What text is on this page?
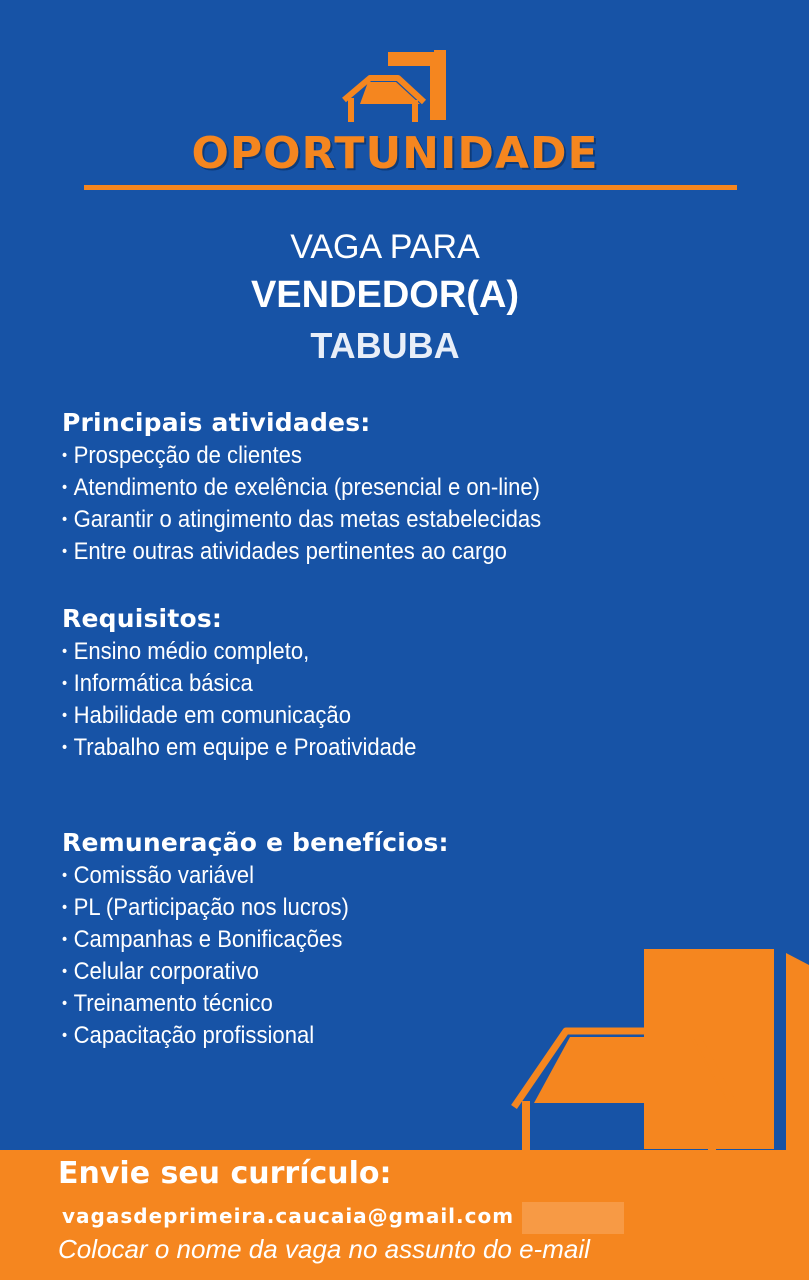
OPORTUNIDADE
VAGA PARA
VENDEDOR(A)
TABUBA
Principais atividades:
• Prospecção de clientes
• Atendimento de exelência (presencial e on-line)
• Garantir o atingimento das metas estabelecidas
• Entre outras atividades pertinentes ao cargo
Requisitos:
• Ensino médio completo,
• Informática básica
• Habilidade em comunicação
• Trabalho em equipe e Proatividade
Remuneração e benefícios:
• Comissão variável
• PL (Participação nos lucros)
• Campanhas e Bonificações
• Celular corporativo
• Treinamento técnico
• Capacitação profissional
Envie seu currículo:
vagasdeprimeira.caucaia@gmail.com
Colocar o nome da vaga no assunto do e-mail
